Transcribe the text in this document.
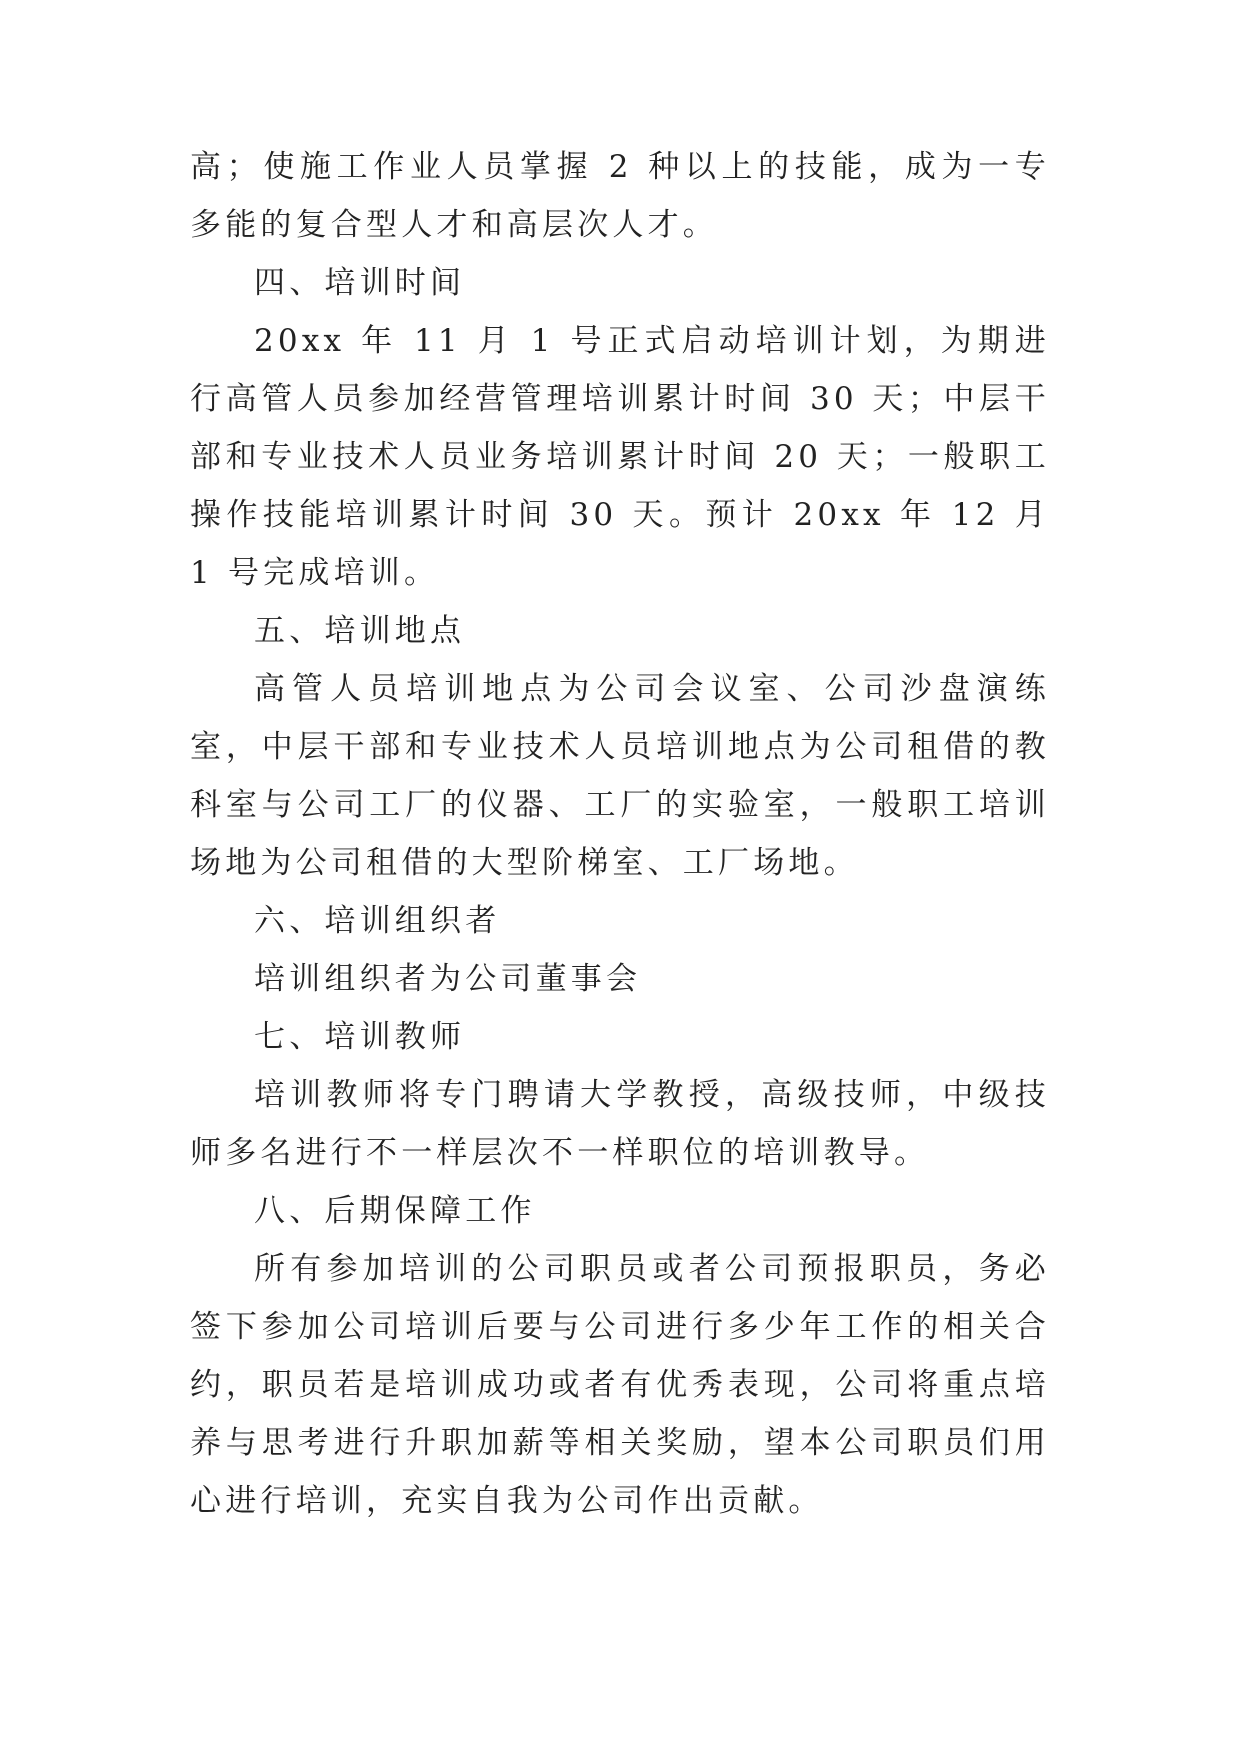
高；使施工作业人员掌握 2 种以上的技能，成为一专多能的复合型人才和高层次人才。

四、培训时间

20xx 年 11 月 1 号正式启动培训计划，为期进行高管人员参加经营管理培训累计时间 30 天；中层干部和专业技术人员业务培训累计时间 20 天；一般职工操作技能培训累计时间 30 天。预计 20xx 年 12 月 1 号完成培训。

五、培训地点

高管人员培训地点为公司会议室、公司沙盘演练室，中层干部和专业技术人员培训地点为公司租借的教科室与公司工厂的仪器、工厂的实验室，一般职工培训场地为公司租借的大型阶梯室、工厂场地。

六、培训组织者

培训组织者为公司董事会

七、培训教师

培训教师将专门聘请大学教授，高级技师，中级技师多名进行不一样层次不一样职位的培训教导。

八、后期保障工作

所有参加培训的公司职员或者公司预报职员，务必签下参加公司培训后要与公司进行多少年工作的相关合约，职员若是培训成功或者有优秀表现，公司将重点培养与思考进行升职加薪等相关奖励，望本公司职员们用心进行培训，充实自我为公司作出贡献。
